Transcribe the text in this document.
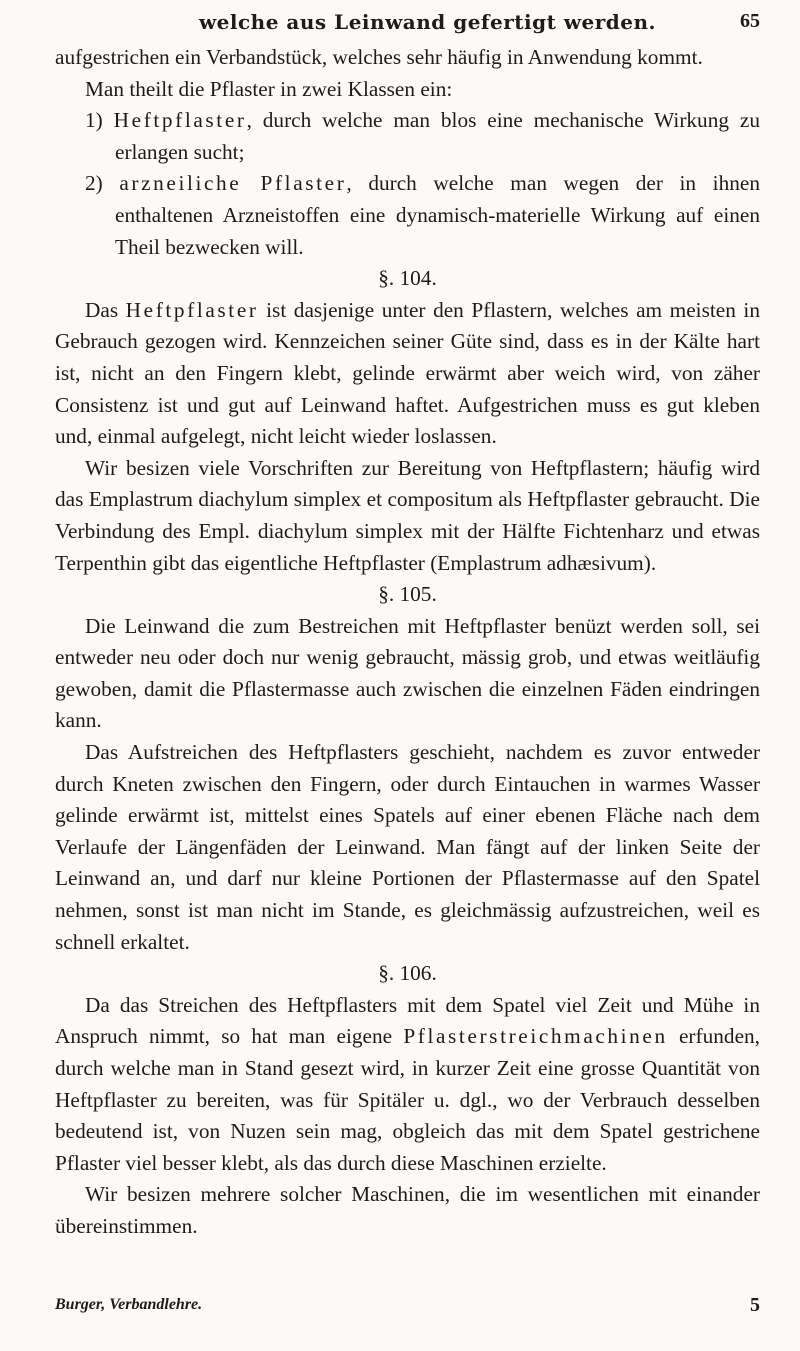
welche aus Leinwand gefertigt werden.	65

aufgestrichen ein Verbandstück, welches sehr häufig in Anwendung kommt.

Man theilt die Pflaster in zwei Klassen ein:

1) Heftpflaster, durch welche man blos eine mechanische Wirkung zu erlangen sucht;

2) arzneiliche Pflaster, durch welche man wegen der in ihnen enthaltenen Arzneistoffen eine dynamisch-materielle Wirkung auf einen Theil bezwecken will.

§. 104.

Das Heftpflaster ist dasjenige unter den Pflastern, welches am meisten in Gebrauch gezogen wird. Kennzeichen seiner Güte sind, dass es in der Kälte hart ist, nicht an den Fingern klebt, gelinde erwärmt aber weich wird, von zäher Consistenz ist und gut auf Leinwand haftet. Aufgestrichen muss es gut kleben und, einmal aufgelegt, nicht leicht wieder loslassen.

Wir besizen viele Vorschriften zur Bereitung von Heftpflastern; häufig wird das Emplastrum diachylum simplex et compositum als Heftpflaster gebraucht. Die Verbindung des Empl. diachylum simplex mit der Hälfte Fichtenharz und etwas Terpenthin gibt das eigentliche Heftpflaster (Emplastrum adhæsivum).

§. 105.

Die Leinwand die zum Bestreichen mit Heftpflaster benüzt werden soll, sei entweder neu oder doch nur wenig gebraucht, mässig grob, und etwas weitläufig gewoben, damit die Pflastermasse auch zwischen die einzelnen Fäden eindringen kann.

Das Aufstreichen des Heftpflasters geschieht, nachdem es zuvor entweder durch Kneten zwischen den Fingern, oder durch Eintauchen in warmes Wasser gelinde erwärmt ist, mittelst eines Spatels auf einer ebenen Fläche nach dem Verlaufe der Längenfäden der Leinwand. Man fängt auf der linken Seite der Leinwand an, und darf nur kleine Portionen der Pflastermasse auf den Spatel nehmen, sonst ist man nicht im Stande, es gleichmässig aufzustreichen, weil es schnell erkaltet.

§. 106.

Da das Streichen des Heftpflasters mit dem Spatel viel Zeit und Mühe in Anspruch nimmt, so hat man eigene Pflasterstreichmachinen erfunden, durch welche man in Stand gesezt wird, in kurzer Zeit eine grosse Quantität von Heftpflaster zu bereiten, was für Spitäler u. dgl., wo der Verbrauch desselben bedeutend ist, von Nuzen sein mag, obgleich das mit dem Spatel gestrichene Pflaster viel besser klebt, als das durch diese Maschinen erzielte.

Wir besizen mehrere solcher Maschinen, die im wesentlichen mit einander übereinstimmen.

Burger, Verbandlehre.	5
